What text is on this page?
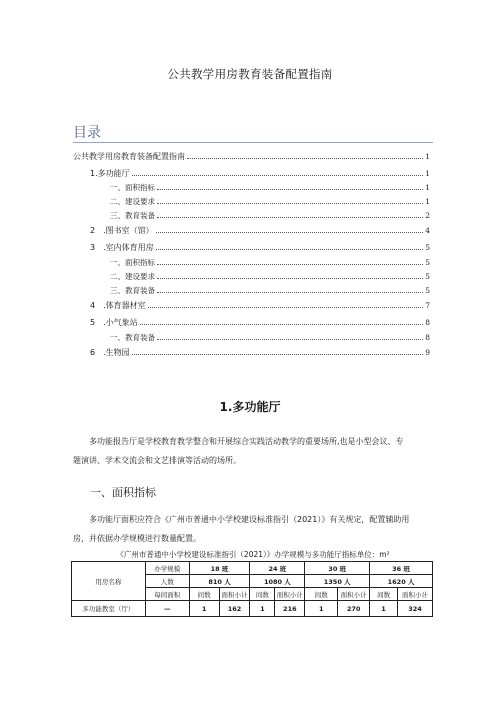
公共教学用房教育装备配置指南
目录
公共教学用房教育装备配置指南	1
1.多功能厅	1
一、面积指标	1
二、建设要求	1
三、教育装备	2
2　.图书室（馆）	4
3　.室内体育用房	5
一、面积指标	5
二、建设要求	5
三、教育装备	5
4　.体育器材室	7
5　.小气象站	8
一、教育装备	8
6　.生物园	9
1.多功能厅
多功能报告厅是学校教育教学整合和开展综合实践活动教学的重要场所,也是小型会议、专
题演讲、学术交流会和文艺排演等活动的场所。
一、面积指标
多功能厅面积应符合《广州市普通中小学校建设标准指引（2021）》有关规定，配置辅助用
房，并依据办学规模进行数量配置。
《广州市普通中小学校建设标准指引（2021）》办学规模与多功能厅指标单位：m²
用房名称	办学规模	18 班		24 班		30 班		36 班	
	人数	810 人		1080 人		1350 人		1620 人	
	每间面积	间数	面积小计	间数	面积小计	间数	面积小计	间数	面积小计

多功能教室（厅）	—	1	162	1	216	1	270	1	324
